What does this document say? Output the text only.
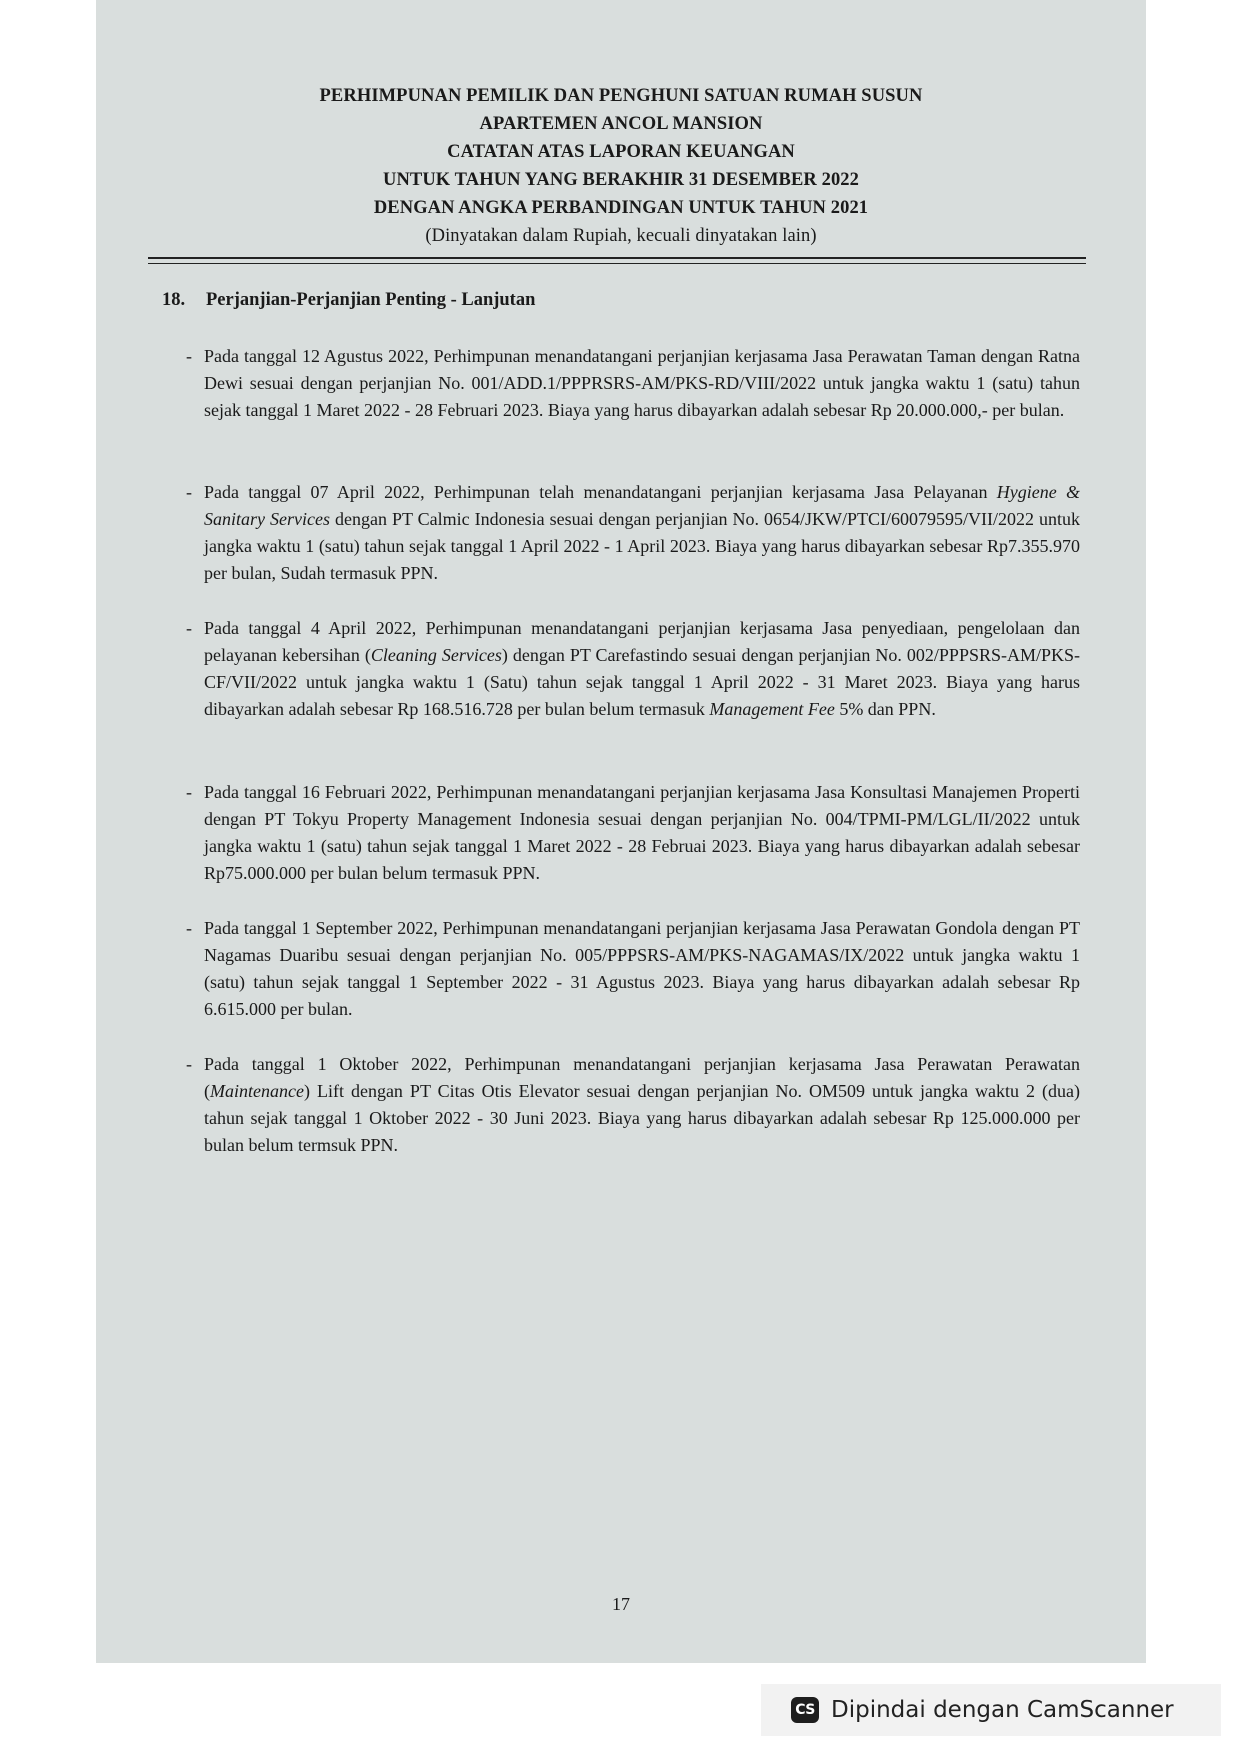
PERHIMPUNAN PEMILIK DAN PENGHUNI SATUAN RUMAH SUSUN
APARTEMEN ANCOL MANSION
CATATAN ATAS LAPORAN KEUANGAN
UNTUK TAHUN YANG BERAKHIR 31 DESEMBER 2022
DENGAN ANGKA PERBANDINGAN UNTUK TAHUN 2021
(Dinyatakan dalam Rupiah, kecuali dinyatakan lain)
18. Perjanjian-Perjanjian Penting - Lanjutan
- Pada tanggal 12 Agustus 2022, Perhimpunan menandatangani perjanjian kerjasama Jasa Perawatan Taman dengan Ratna Dewi sesuai dengan perjanjian No. 001/ADD.1/PPPRSRS-AM/PKS-RD/VIII/2022 untuk jangka waktu 1 (satu) tahun sejak tanggal 1 Maret 2022 - 28 Februari 2023. Biaya yang harus dibayarkan adalah sebesar Rp 20.000.000,- per bulan.
- Pada tanggal 07 April 2022, Perhimpunan telah menandatangani perjanjian kerjasama Jasa Pelayanan Hygiene & Sanitary Services dengan PT Calmic Indonesia sesuai dengan perjanjian No. 0654/JKW/PTCI/60079595/VII/2022 untuk jangka waktu 1 (satu) tahun sejak tanggal 1 April 2022 - 1 April 2023. Biaya yang harus dibayarkan sebesar Rp7.355.970 per bulan, Sudah termasuk PPN.
- Pada tanggal 4 April 2022, Perhimpunan menandatangani perjanjian kerjasama Jasa penyediaan, pengelolaan dan pelayanan kebersihan (Cleaning Services) dengan PT Carefastindo sesuai dengan perjanjian No. 002/PPPSRS-AM/PKS-CF/VII/2022 untuk jangka waktu 1 (Satu) tahun sejak tanggal 1 April 2022 - 31 Maret 2023. Biaya yang harus dibayarkan adalah sebesar Rp 168.516.728 per bulan belum termasuk Management Fee 5% dan PPN.
- Pada tanggal 16 Februari 2022, Perhimpunan menandatangani perjanjian kerjasama Jasa Konsultasi Manajemen Properti dengan PT Tokyu Property Management Indonesia sesuai dengan perjanjian No. 004/TPMI-PM/LGL/II/2022 untuk jangka waktu 1 (satu) tahun sejak tanggal 1 Maret 2022 - 28 Februai 2023. Biaya yang harus dibayarkan adalah sebesar Rp75.000.000 per bulan belum termasuk PPN.
- Pada tanggal 1 September 2022, Perhimpunan menandatangani perjanjian kerjasama Jasa Perawatan Gondola dengan PT Nagamas Duaribu sesuai dengan perjanjian No. 005/PPPSRS-AM/PKS-NAGAMAS/IX/2022 untuk jangka waktu 1 (satu) tahun sejak tanggal 1 September 2022 - 31 Agustus 2023. Biaya yang harus dibayarkan adalah sebesar Rp 6.615.000 per bulan.
- Pada tanggal 1 Oktober 2022, Perhimpunan menandatangani perjanjian kerjasama Jasa Perawatan Perawatan (Maintenance) Lift dengan PT Citas Otis Elevator sesuai dengan perjanjian No. OM509 untuk jangka waktu 2 (dua) tahun sejak tanggal 1 Oktober 2022 - 30 Juni 2023. Biaya yang harus dibayarkan adalah sebesar Rp 125.000.000 per bulan belum termsuk PPN.
17
CS Dipindai dengan CamScanner
